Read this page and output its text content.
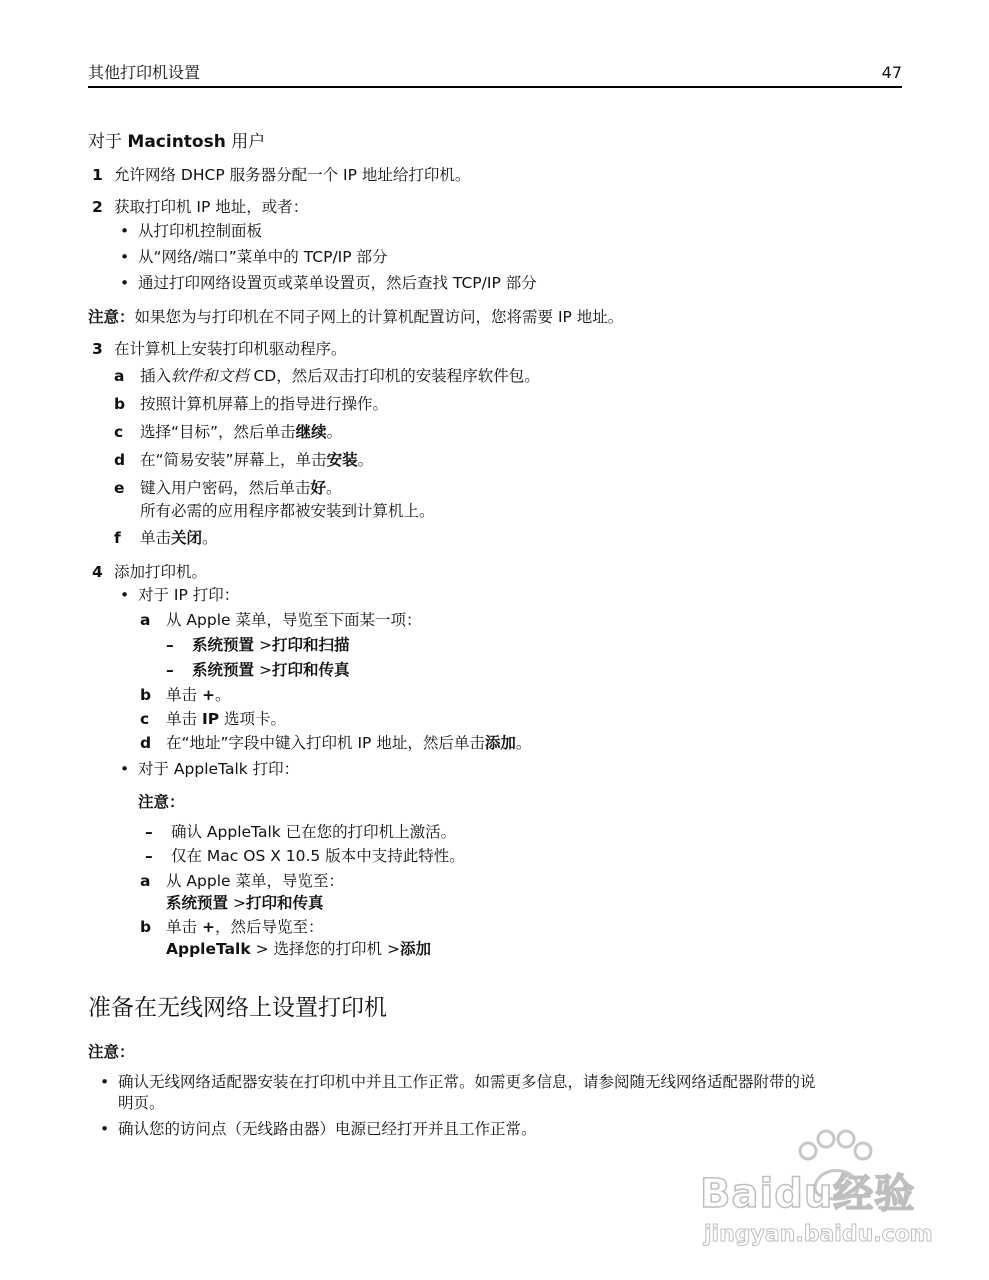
其他打印机设置	47
对于 Macintosh 用户
1 允许网络 DHCP 服务器分配一个 IP 地址给打印机。
2 获取打印机 IP 地址，或者：
• 从打印机控制面板
• 从“网络/端口”菜单中的 TCP/IP 部分
• 通过打印网络设置页或菜单设置页，然后查找 TCP/IP 部分
注意：如果您为与打印机在不同子网上的计算机配置访问，您将需要 IP 地址。
3 在计算机上安装打印机驱动程序。
a 插入软件和文档 CD，然后双击打印机的安装程序软件包。
b 按照计算机屏幕上的指导进行操作。
c 选择“目标”，然后单击继续。
d 在“简易安装”屏幕上，单击安装。
e 键入用户密码，然后单击好。
所有必需的应用程序都被安装到计算机上。
f 单击关闭。
4 添加打印机。
• 对于 IP 打印：
a 从 Apple 菜单，导览至下面某一项：
– 系统预置 >打印和扫描
– 系统预置 >打印和传真
b 单击 +。
c 单击 IP 选项卡。
d 在“地址”字段中键入打印机 IP 地址，然后单击添加。
• 对于 AppleTalk 打印：
注意：
– 确认 AppleTalk 已在您的打印机上激活。
– 仅在 Mac OS X 10.5 版本中支持此特性。
a 从 Apple 菜单，导览至：
系统预置 >打印和传真
b 单击 +，然后导览至：
AppleTalk > 选择您的打印机 >添加
准备在无线网络上设置打印机
注意：
• 确认无线网络适配器安装在打印机中并且工作正常。如需更多信息，请参阅随无线网络适配器附带的说
明页。
• 确认您的访问点（无线路由器）电源已经打开并且工作正常。
Baidu经验
jingyan.baidu.com
